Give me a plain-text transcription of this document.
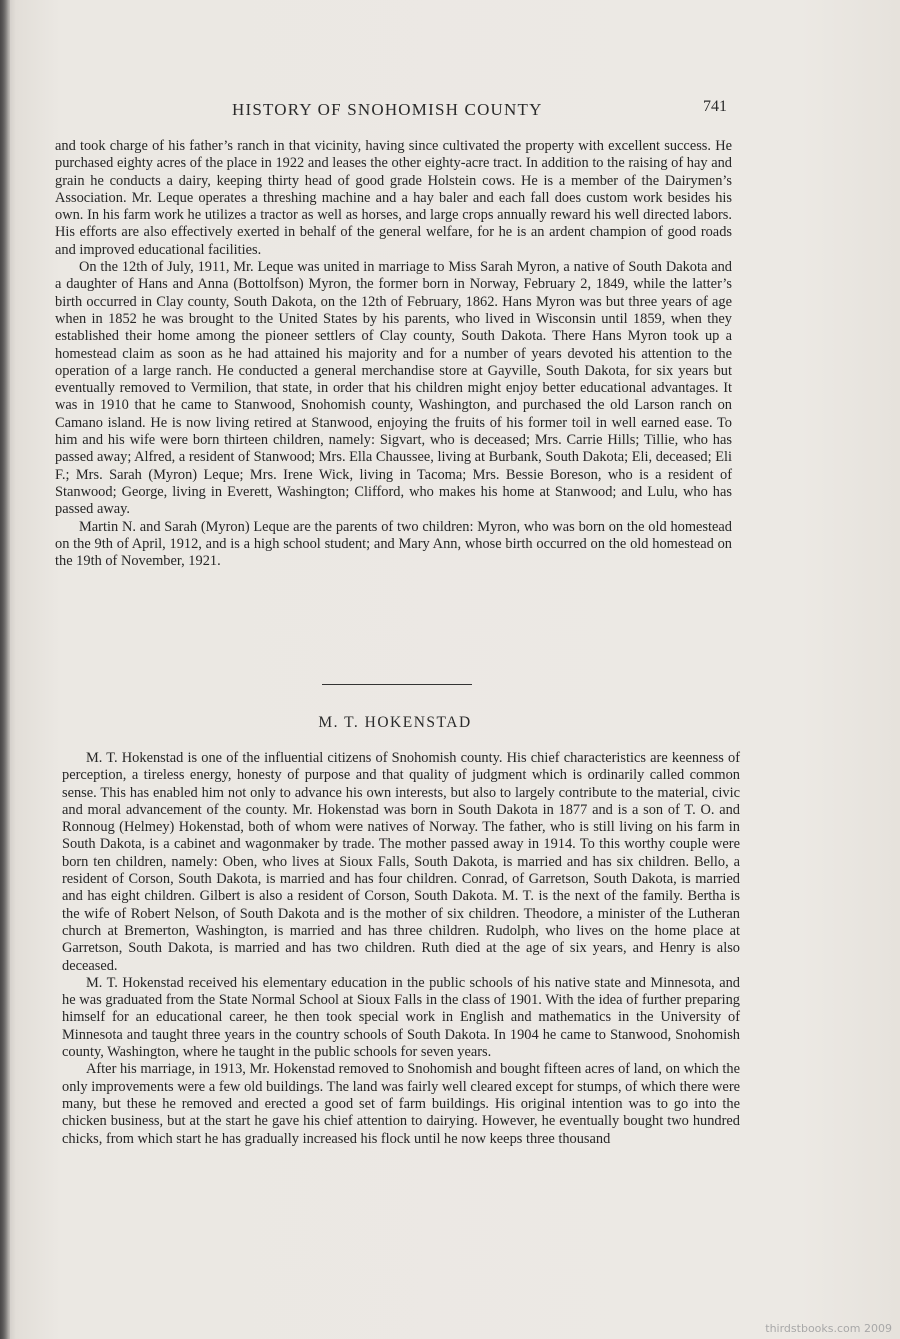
HISTORY OF SNOHOMISH COUNTY	741

and took charge of his father’s ranch in that vicinity, having since cultivated the property with excellent success. He purchased eighty acres of the place in 1922 and leases the other eighty-acre tract. In addition to the raising of hay and grain he conducts a dairy, keeping thirty head of good grade Holstein cows. He is a member of the Dairymen’s Association. Mr. Leque operates a threshing machine and a hay baler and each fall does custom work besides his own. In his farm work he utilizes a tractor as well as horses, and large crops annually reward his well directed labors. His efforts are also effectively exerted in behalf of the general welfare, for he is an ardent champion of good roads and improved educational facilities.

On the 12th of July, 1911, Mr. Leque was united in marriage to Miss Sarah Myron, a native of South Dakota and a daughter of Hans and Anna (Bottolfson) Myron, the former born in Norway, February 2, 1849, while the latter’s birth occurred in Clay county, South Dakota, on the 12th of February, 1862. Hans Myron was but three years of age when in 1852 he was brought to the United States by his parents, who lived in Wisconsin until 1859, when they established their home among the pioneer settlers of Clay county, South Dakota. There Hans Myron took up a homestead claim as soon as he had attained his majority and for a number of years devoted his attention to the operation of a large ranch. He conducted a general merchandise store at Gayville, South Dakota, for six years but eventually removed to Vermilion, that state, in order that his children might enjoy better educational advantages. It was in 1910 that he came to Stanwood, Snohomish county, Washington, and purchased the old Larson ranch on Camano island. He is now living retired at Stanwood, enjoying the fruits of his former toil in well earned ease. To him and his wife were born thirteen children, namely: Sigvart, who is deceased; Mrs. Carrie Hills; Tillie, who has passed away; Alfred, a resident of Stanwood; Mrs. Ella Chaussee, living at Burbank, South Dakota; Eli, deceased; Eli F.; Mrs. Sarah (Myron) Leque; Mrs. Irene Wick, living in Tacoma; Mrs. Bessie Boreson, who is a resident of Stanwood; George, living in Everett, Washington; Clifford, who makes his home at Stanwood; and Lulu, who has passed away.

Martin N. and Sarah (Myron) Leque are the parents of two children: Myron, who was born on the old homestead on the 9th of April, 1912, and is a high school student; and Mary Ann, whose birth occurred on the old homestead on the 19th of November, 1921.

M. T. HOKENSTAD

M. T. Hokenstad is one of the influential citizens of Snohomish county. His chief characteristics are keenness of perception, a tireless energy, honesty of purpose and that quality of judgment which is ordinarily called common sense. This has enabled him not only to advance his own interests, but also to largely contribute to the material, civic and moral advancement of the county. Mr. Hokenstad was born in South Dakota in 1877 and is a son of T. O. and Ronnoug (Helmey) Hokenstad, both of whom were natives of Norway. The father, who is still living on his farm in South Dakota, is a cabinet and wagonmaker by trade. The mother passed away in 1914. To this worthy couple were born ten children, namely: Oben, who lives at Sioux Falls, South Dakota, is married and has six children. Bello, a resident of Corson, South Dakota, is married and has four children. Conrad, of Garretson, South Dakota, is married and has eight children. Gilbert is also a resident of Corson, South Dakota. M. T. is the next of the family. Bertha is the wife of Robert Nelson, of South Dakota and is the mother of six children. Theodore, a minister of the Lutheran church at Bremerton, Washington, is married and has three children. Rudolph, who lives on the home place at Garretson, South Dakota, is married and has two children. Ruth died at the age of six years, and Henry is also deceased.

M. T. Hokenstad received his elementary education in the public schools of his native state and Minnesota, and he was graduated from the State Normal School at Sioux Falls in the class of 1901. With the idea of further preparing himself for an educational career, he then took special work in English and mathematics in the University of Minnesota and taught three years in the country schools of South Dakota. In 1904 he came to Stanwood, Snohomish county, Washington, where he taught in the public schools for seven years.

After his marriage, in 1913, Mr. Hokenstad removed to Snohomish and bought fifteen acres of land, on which the only improvements were a few old buildings. The land was fairly well cleared except for stumps, of which there were many, but these he removed and erected a good set of farm buildings. His original intention was to go into the chicken business, but at the start he gave his chief attention to dairying. However, he eventually bought two hundred chicks, from which start he has gradually increased his flock until he now keeps three thousand

thirdstbooks.com 2009
